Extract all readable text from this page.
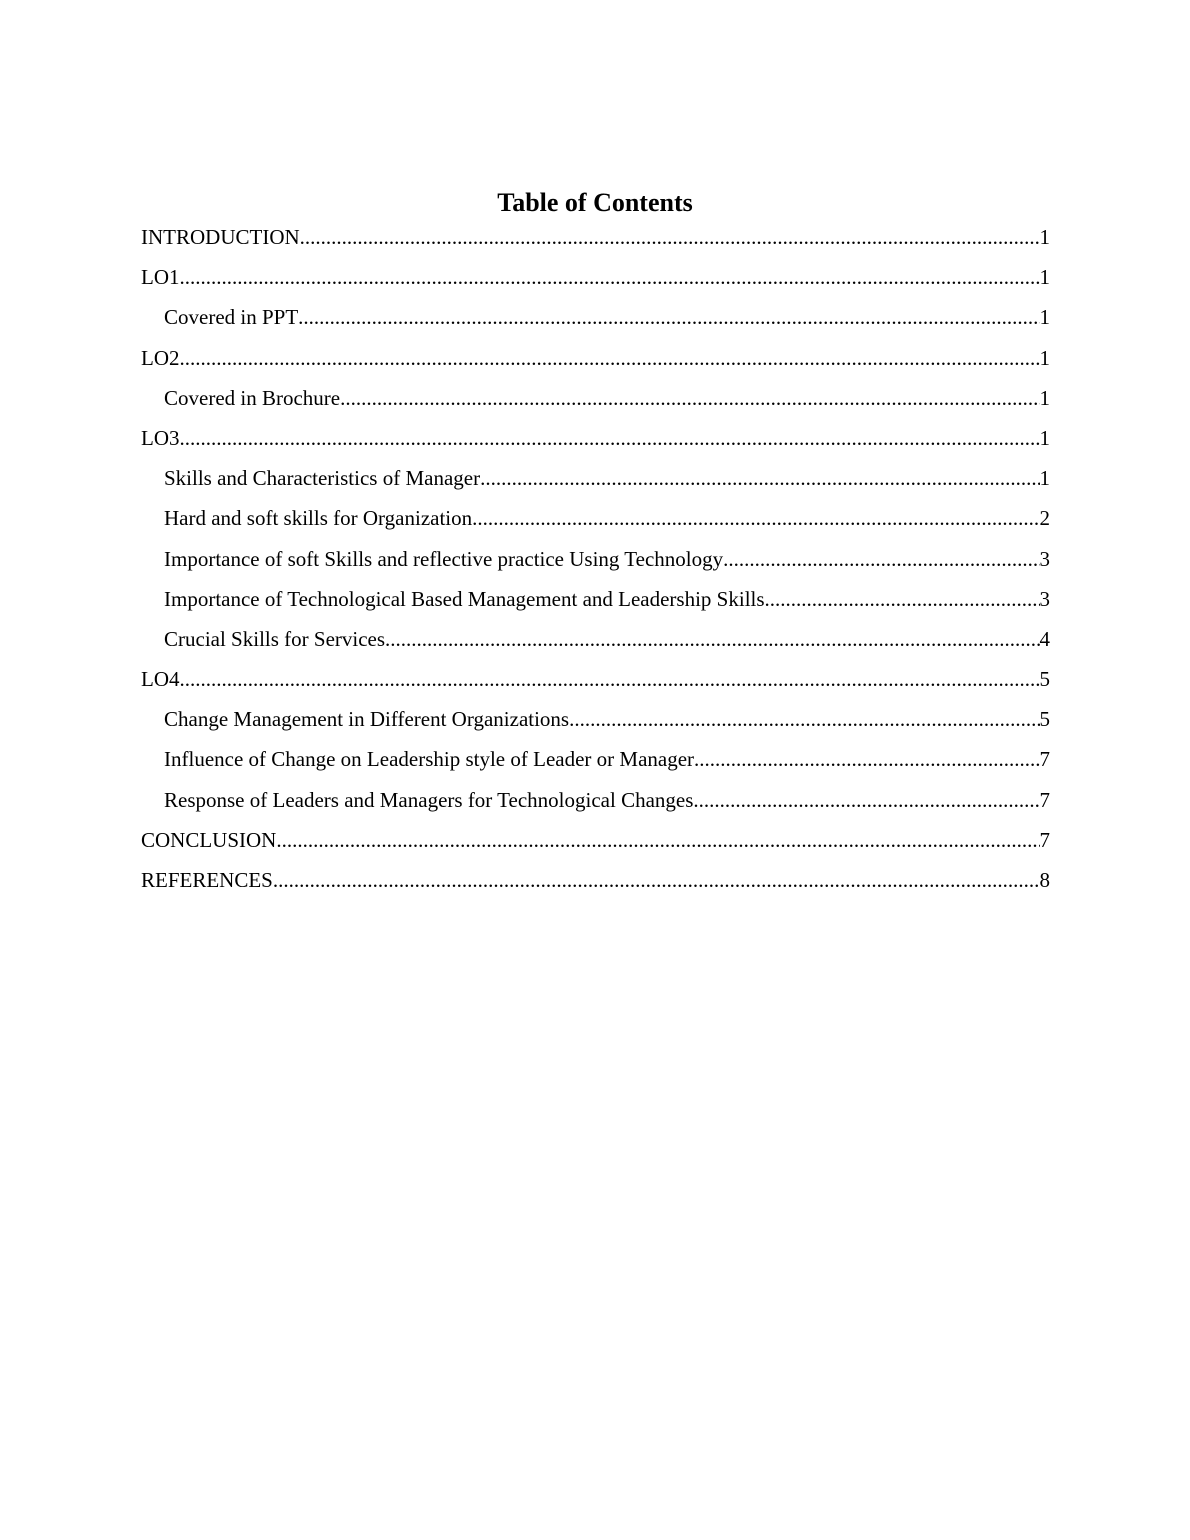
Table of Contents
INTRODUCTION .....	1
LO1 .....	1
Covered in PPT .....	1
LO2 .....	1
Covered in Brochure .....	1
LO3 .....	1
Skills and Characteristics of Manager .....	1
Hard and soft skills for Organization .....	2
Importance of soft Skills and reflective practice Using Technology .....	3
Importance of Technological Based Management and Leadership Skills .....	3
Crucial Skills for Services .....	4
LO4 .....	5
Change Management in Different Organizations .....	5
Influence of Change on Leadership style of Leader or Manager .....	7
Response of Leaders and Managers for Technological Changes .....	7
CONCLUSION .....	7
REFERENCES .....	8
